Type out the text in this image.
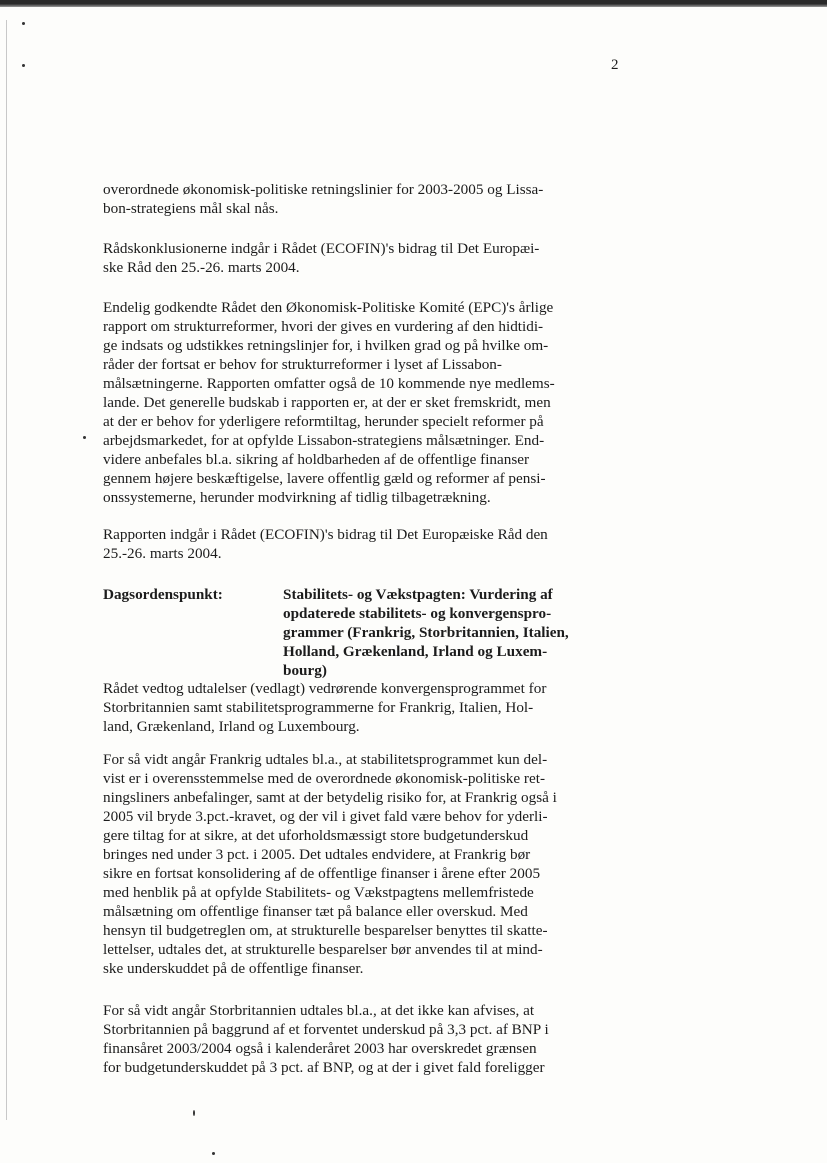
2
overordnede økonomisk-politiske retningslinier for 2003-2005 og Lissa-
bon-strategiens mål skal nås.
Rådskonklusionerne indgår i Rådet (ECOFIN)'s bidrag til Det Europæi-
ske Råd den 25.-26. marts 2004.
Endelig godkendte Rådet den Økonomisk-Politiske Komité (EPC)'s årlige
rapport om strukturreformer, hvori der gives en vurdering af den hidtidi-
ge indsats og udstikkes retningslinjer for, i hvilken grad og på hvilke om-
råder der fortsat er behov for strukturreformer i lyset af Lissabon-
målsætningerne. Rapporten omfatter også de 10 kommende nye medlems-
lande. Det generelle budskab i rapporten er, at der er sket fremskridt, men
at der er behov for yderligere reformtiltag, herunder specielt reformer på
arbejdsmarkedet, for at opfylde Lissabon-strategiens målsætninger. End-
videre anbefales bl.a. sikring af holdbarheden af de offentlige finanser
gennem højere beskæftigelse, lavere offentlig gæld og reformer af pensi-
onssystemerne, herunder modvirkning af tidlig tilbagetrækning.
Rapporten indgår i Rådet (ECOFIN)'s bidrag til Det Europæiske Råd den
25.-26. marts 2004.
Dagsordenspunkt:	Stabilitets- og Vækstpagten: Vurdering af
opdaterede stabilitets- og konvergenspro-
grammer (Frankrig, Storbritannien, Italien,
Holland, Grækenland, Irland og Luxem-
bourg)
Rådet vedtog udtalelser (vedlagt) vedrørende konvergensprogrammet for
Storbritannien samt stabilitetsprogrammerne for Frankrig, Italien, Hol-
land, Grækenland, Irland og Luxembourg.
For så vidt angår Frankrig udtales bl.a., at stabilitetsprogrammet kun del-
vist er i overensstemmelse med de overordnede økonomisk-politiske ret-
ningsliners anbefalinger, samt at der betydelig risiko for, at Frankrig også i
2005 vil bryde 3.pct.-kravet, og der vil i givet fald være behov for yderli-
gere tiltag for at sikre, at det uforholdsmæssigt store budgetunderskud
bringes ned under 3 pct. i 2005. Det udtales endvidere, at Frankrig bør
sikre en fortsat konsolidering af de offentlige finanser i årene efter 2005
med henblik på at opfylde Stabilitets- og Vækstpagtens mellemfristede
målsætning om offentlige finanser tæt på balance eller overskud. Med
hensyn til budgetreglen om, at strukturelle besparelser benyttes til skatte-
lettelser, udtales det, at strukturelle besparelser bør anvendes til at mind-
ske underskuddet på de offentlige finanser.
For så vidt angår Storbritannien udtales bl.a., at det ikke kan afvises, at
Storbritannien på baggrund af et forventet underskud på 3,3 pct. af BNP i
finansåret 2003/2004 også i kalenderåret 2003 har overskredet grænsen
for budgetunderskuddet på 3 pct. af BNP, og at der i givet fald foreligger
